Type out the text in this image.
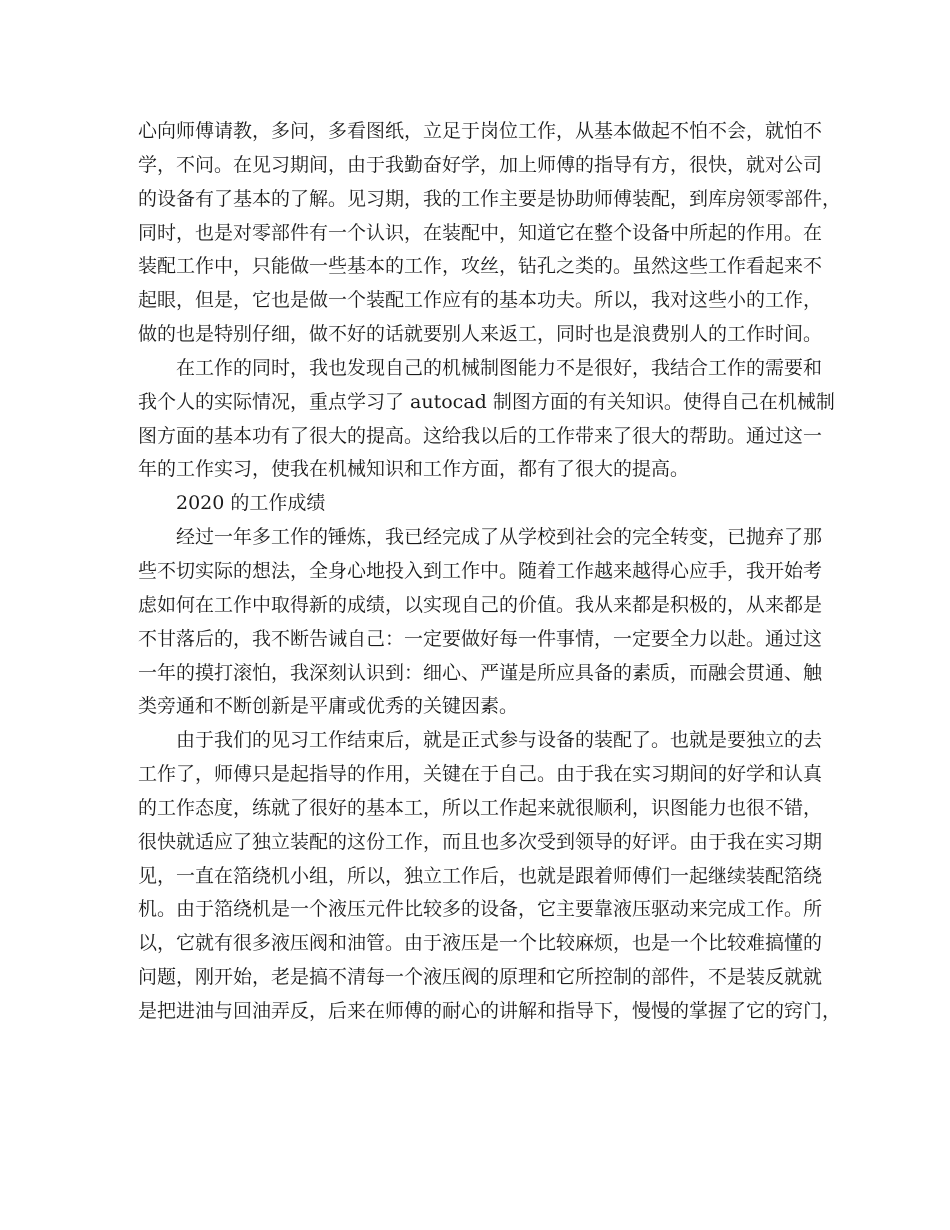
心向师傅请教，多问，多看图纸，立足于岗位工作，从基本做起不怕不会，就怕不
学，不问。在见习期间，由于我勤奋好学，加上师傅的指导有方，很快，就对公司
的设备有了基本的了解。见习期，我的工作主要是协助师傅装配，到库房领零部件，
同时，也是对零部件有一个认识，在装配中，知道它在整个设备中所起的作用。在
装配工作中，只能做一些基本的工作，攻丝，钻孔之类的。虽然这些工作看起来不
起眼，但是，它也是做一个装配工作应有的基本功夫。所以，我对这些小的工作，
做的也是特别仔细，做不好的话就要别人来返工，同时也是浪费别人的工作时间。
在工作的同时，我也发现自己的机械制图能力不是很好，我结合工作的需要和
我个人的实际情况，重点学习了 autocad 制图方面的有关知识。使得自己在机械制
图方面的基本功有了很大的提高。这给我以后的工作带来了很大的帮助。通过这一
年的工作实习，使我在机械知识和工作方面，都有了很大的提高。
2020 的工作成绩
经过一年多工作的锤炼，我已经完成了从学校到社会的完全转变，已抛弃了那
些不切实际的想法，全身心地投入到工作中。随着工作越来越得心应手，我开始考
虑如何在工作中取得新的成绩，以实现自己的价值。我从来都是积极的，从来都是
不甘落后的，我不断告诫自己：一定要做好每一件事情，一定要全力以赴。通过这
一年的摸打滚怕，我深刻认识到：细心、严谨是所应具备的素质，而融会贯通、触
类旁通和不断创新是平庸或优秀的关键因素。
由于我们的见习工作结束后，就是正式参与设备的装配了。也就是要独立的去
工作了，师傅只是起指导的作用，关键在于自己。由于我在实习期间的好学和认真
的工作态度，练就了很好的基本工，所以工作起来就很顺利，识图能力也很不错，
很快就适应了独立装配的这份工作，而且也多次受到领导的好评。由于我在实习期
见，一直在箔绕机小组，所以，独立工作后，也就是跟着师傅们一起继续装配箔绕
机。由于箔绕机是一个液压元件比较多的设备，它主要靠液压驱动来完成工作。所
以，它就有很多液压阀和油管。由于液压是一个比较麻烦，也是一个比较难搞懂的
问题，刚开始，老是搞不清每一个液压阀的原理和它所控制的部件，不是装反就就
是把进油与回油弄反，后来在师傅的耐心的讲解和指导下，慢慢的掌握了它的窍门，
